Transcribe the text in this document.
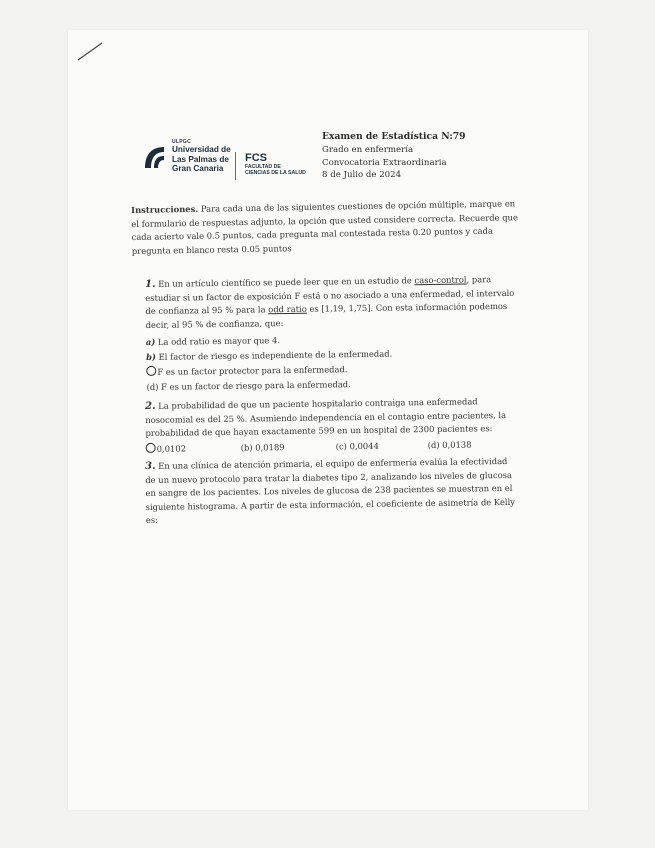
ULPGC
Universidad de
Las Palmas de
Gran Canaria
FCS
FACULTAD DE
CIENCIAS DE LA SALUD
Examen de Estadística N:79
Grado en enfermería
Convocatoria Extraordinaria
8 de Julio de 2024
Instrucciones. Para cada una de las siguientes cuestiones de opción múltiple, marque en el formulario de respuestas adjunto, la opción que usted considere correcta. Recuerde que cada acierto vale 0.5 puntos, cada pregunta mal contestada resta 0.20 puntos y cada pregunta en blanco resta 0.05 puntos
1. En un artículo científico se puede leer que en un estudio de caso-control, para estudiar si un factor de exposición F está o no asociado a una enfermedad, el intervalo de confianza al 95 % para la odd ratio es [1,19, 1,75]. Con esta información podemos decir, al 95 % de confianza, que:
a) La odd ratio es mayor que 4.
b) El factor de riesgo es independiente de la enfermedad.
F es un factor protector para la enfermedad.
(d) F es un factor de riesgo para la enfermedad.
2. La probabilidad de que un paciente hospitalario contraiga una enfermedad nosocomial es del 25 %. Asumiendo independencia en el contagio entre pacientes, la probabilidad de que hayan exactamente 599 en un hospital de 2300 pacientes es:
0,0102	(b) 0,0189	(c) 0,0044	(d) 0,0138
3. En una clínica de atención primaria, el equipo de enfermería evalúa la efectividad de un nuevo protocolo para tratar la diabetes tipo 2, analizando los niveles de glucosa en sangre de los pacientes. Los niveles de glucosa de 238 pacientes se muestran en el siguiente histograma. A partir de esta información, el coeficiente de asimetría de Kelly es:
